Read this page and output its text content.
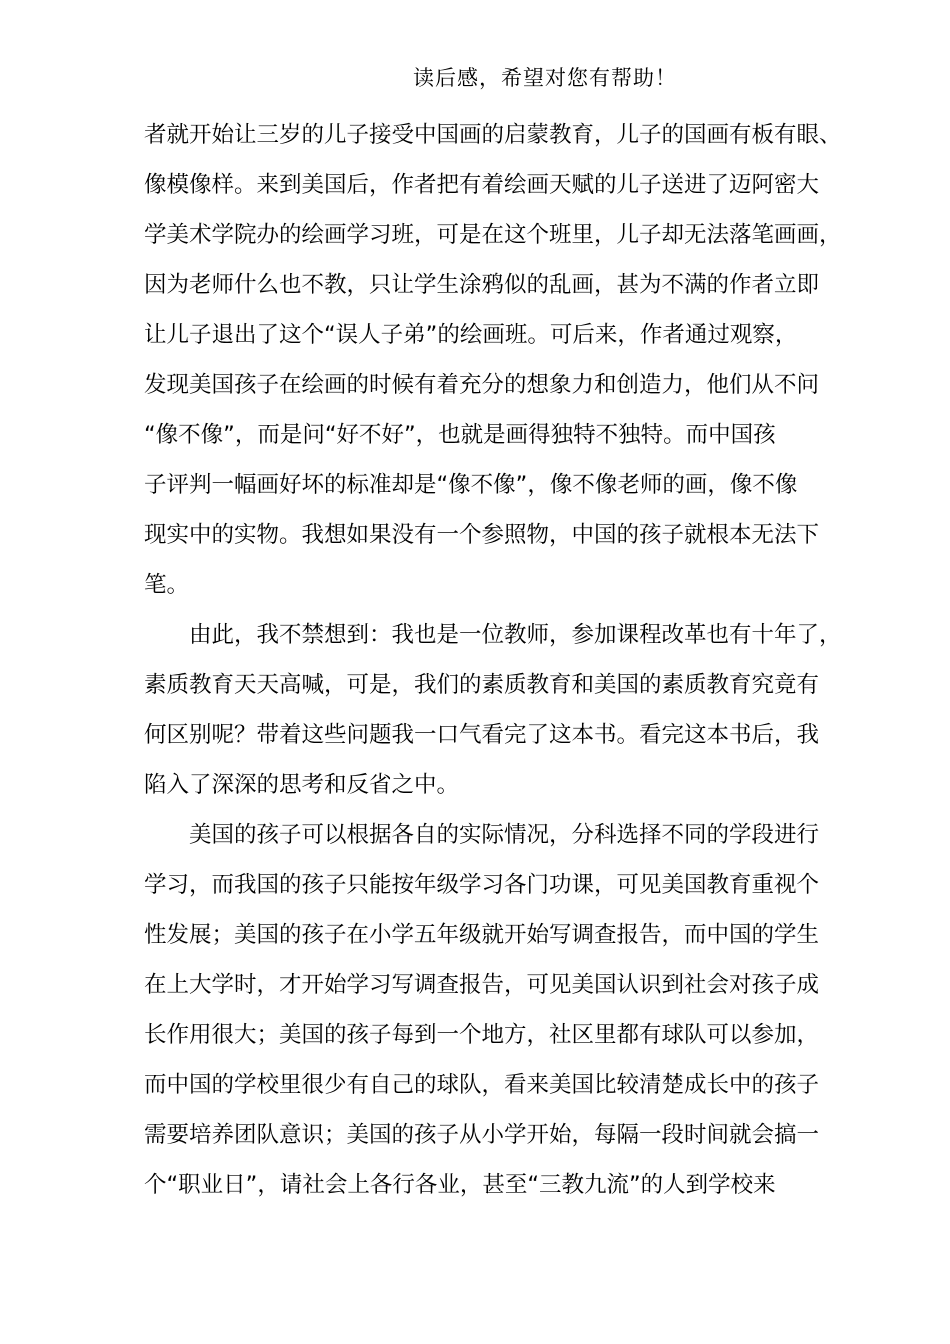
读后感，希望对您有帮助！
者就开始让三岁的儿子接受中国画的启蒙教育，儿子的国画有板有眼、
像模像样。来到美国后，作者把有着绘画天赋的儿子送进了迈阿密大
学美术学院办的绘画学习班，可是在这个班里，儿子却无法落笔画画，
因为老师什么也不教，只让学生涂鸦似的乱画，甚为不满的作者立即
让儿子退出了这个“误人子弟”的绘画班。可后来，作者通过观察，
发现美国孩子在绘画的时候有着充分的想象力和创造力，他们从不问
“像不像”，而是问“好不好”，也就是画得独特不独特。而中国孩
子评判一幅画好坏的标准却是“像不像”，像不像老师的画，像不像
现实中的实物。我想如果没有一个参照物，中国的孩子就根本无法下
笔。
由此，我不禁想到：我也是一位教师，参加课程改革也有十年了，
素质教育天天高喊，可是，我们的素质教育和美国的素质教育究竟有
何区别呢？带着这些问题我一口气看完了这本书。看完这本书后，我
陷入了深深的思考和反省之中。
美国的孩子可以根据各自的实际情况，分科选择不同的学段进行
学习，而我国的孩子只能按年级学习各门功课，可见美国教育重视个
性发展；美国的孩子在小学五年级就开始写调查报告，而中国的学生
在上大学时，才开始学习写调查报告，可见美国认识到社会对孩子成
长作用很大；美国的孩子每到一个地方，社区里都有球队可以参加，
而中国的学校里很少有自己的球队，看来美国比较清楚成长中的孩子
需要培养团队意识；美国的孩子从小学开始，每隔一段时间就会搞一
个“职业日”，请社会上各行各业，甚至“三教九流”的人到学校来
